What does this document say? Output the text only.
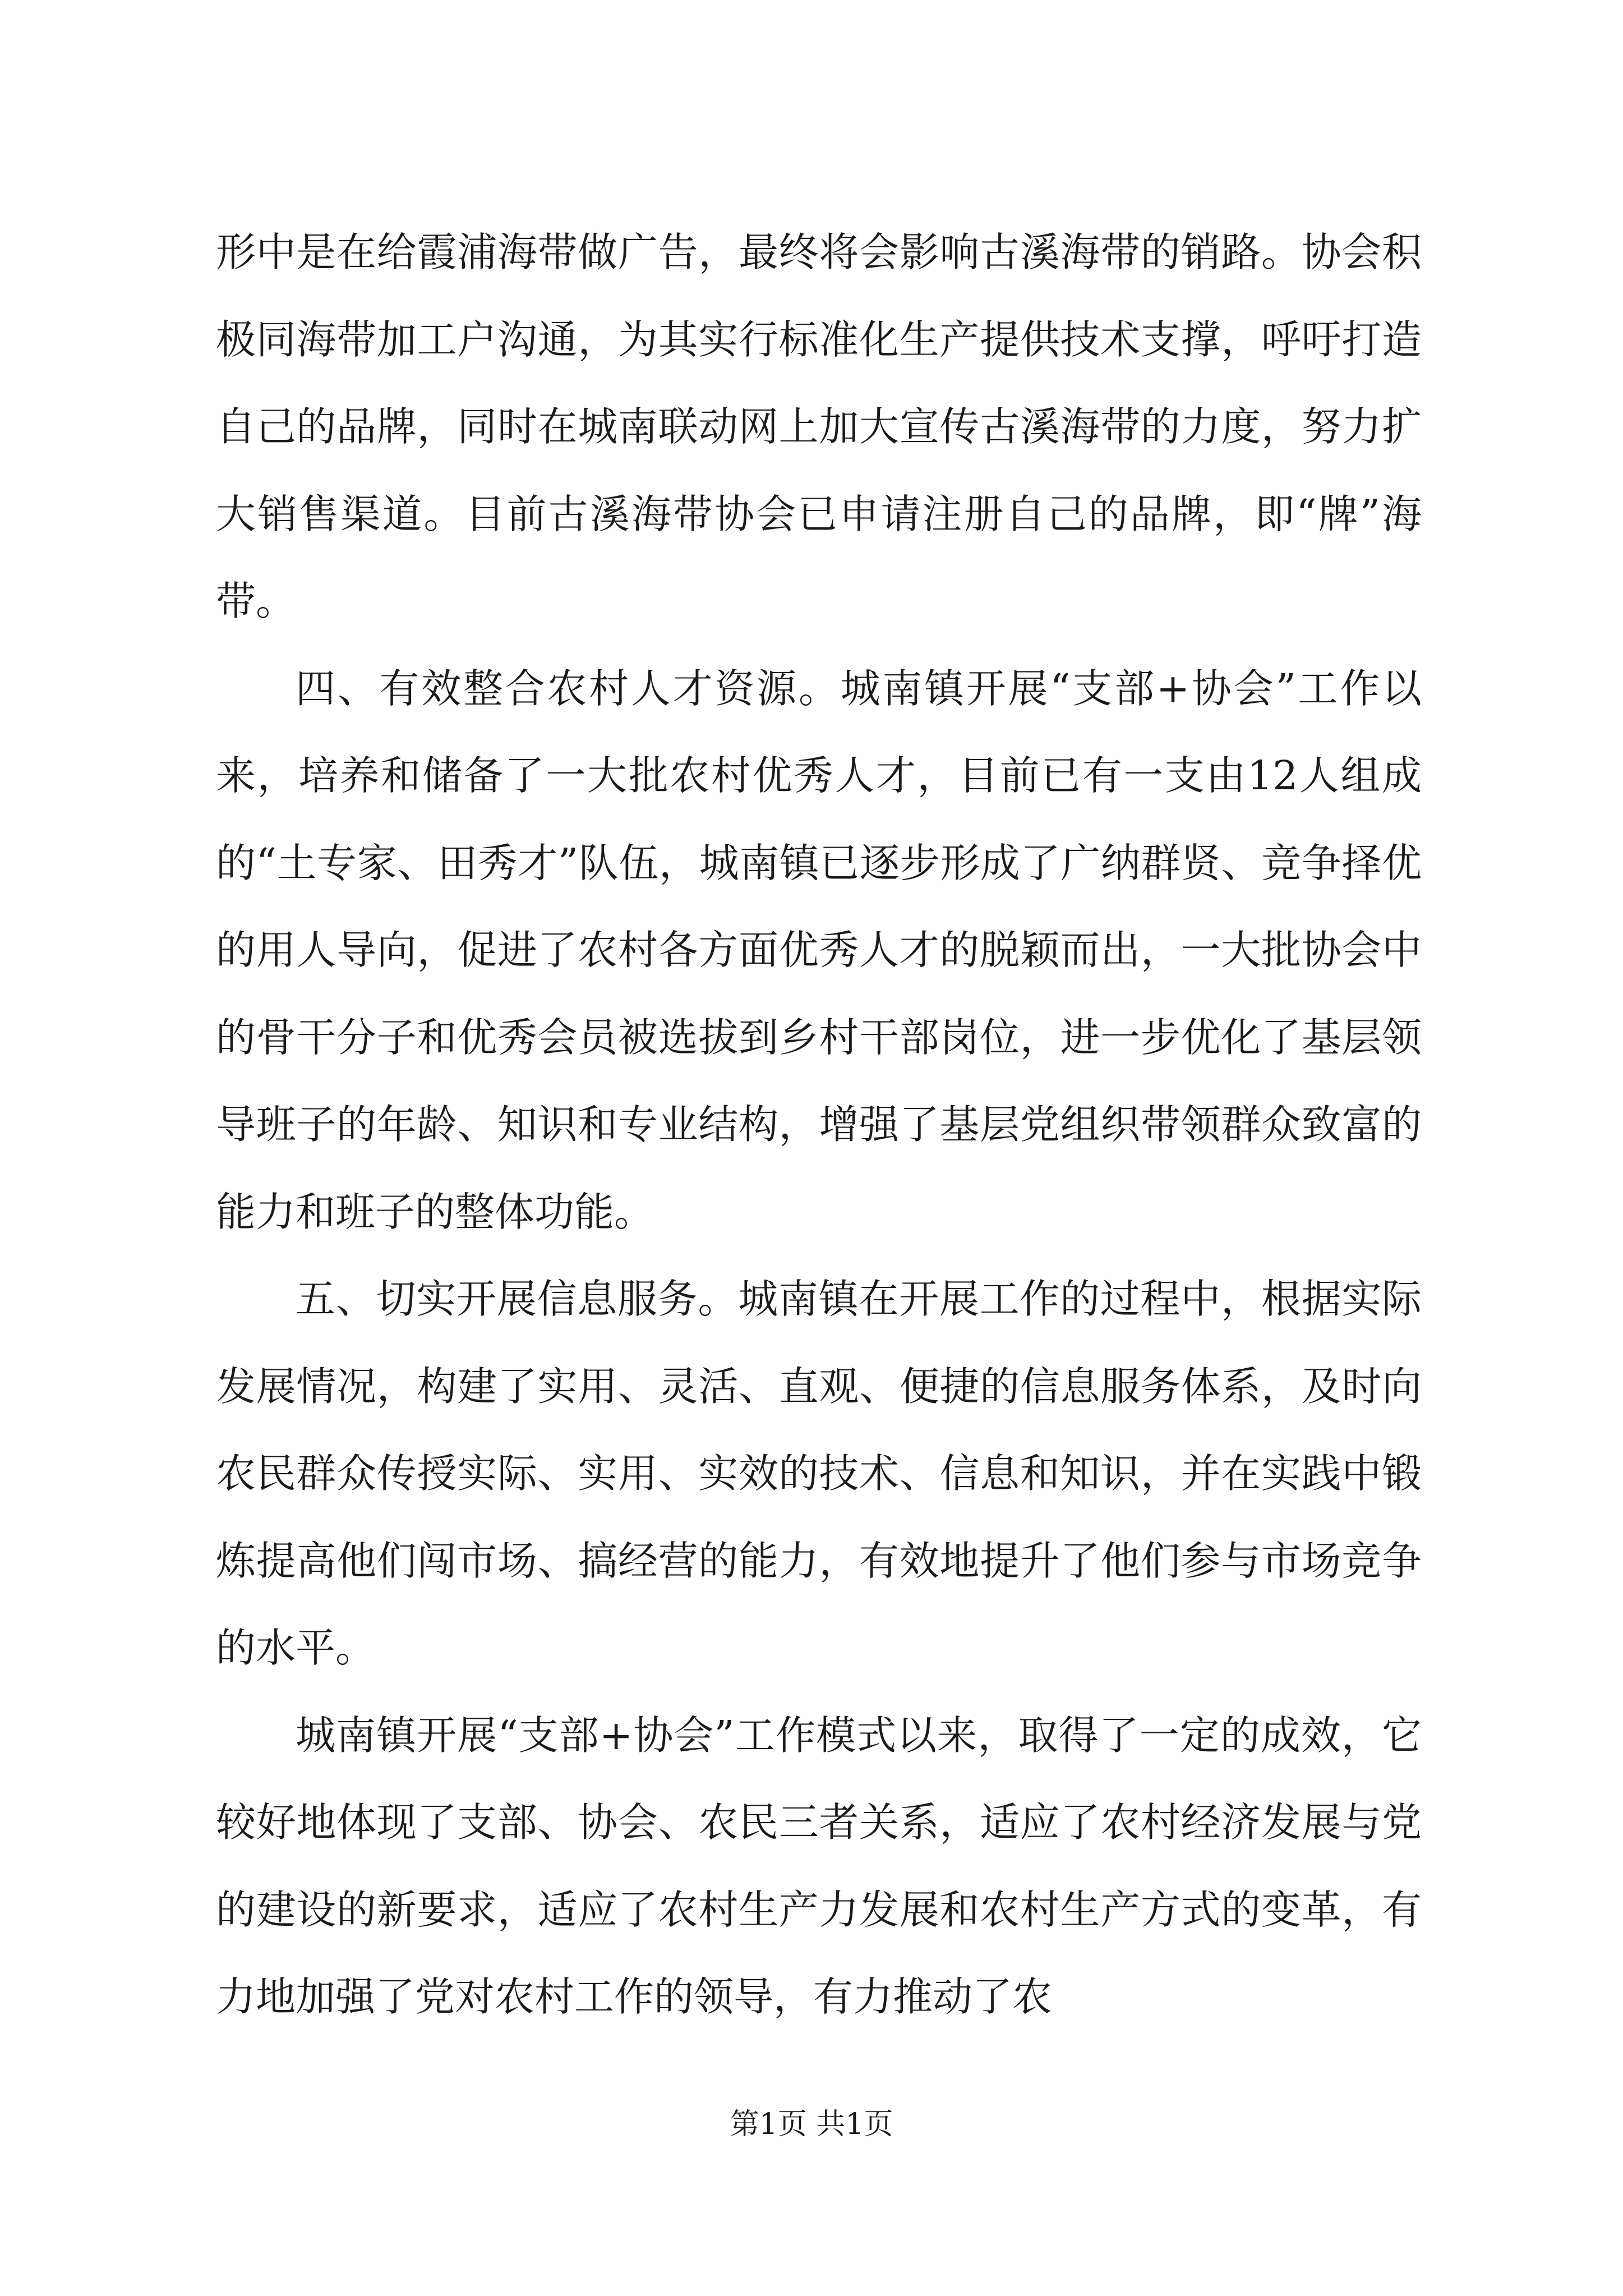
形中是在给霞浦海带做广告，最终将会影响古溪海带的销路。协会积极同海带加工户沟通，为其实行标准化生产提供技术支撑，呼吁打造自己的品牌，同时在城南联动网上加大宣传古溪海带的力度，努力扩大销售渠道。目前古溪海带协会已申请注册自己的品牌，即“牌”海带。

四、有效整合农村人才资源。城南镇开展“支部+协会”工作以来，培养和储备了一大批农村优秀人才，目前已有一支由12人组成的“土专家、田秀才”队伍，城南镇已逐步形成了广纳群贤、竞争择优的用人导向，促进了农村各方面优秀人才的脱颖而出，一大批协会中的骨干分子和优秀会员被选拔到乡村干部岗位，进一步优化了基层领导班子的年龄、知识和专业结构，增强了基层党组织带领群众致富的能力和班子的整体功能。

五、切实开展信息服务。城南镇在开展工作的过程中，根据实际发展情况，构建了实用、灵活、直观、便捷的信息服务体系，及时向农民群众传授实际、实用、实效的技术、信息和知识，并在实践中锻炼提高他们闯市场、搞经营的能力，有效地提升了他们参与市场竞争的水平。

城南镇开展“支部+协会”工作模式以来，取得了一定的成效，它较好地体现了支部、协会、农民三者关系，适应了农村经济发展与党的建设的新要求，适应了农村生产力发展和农村生产方式的变革，有力地加强了党对农村工作的领导，有力推动了农

第1页 共1页
